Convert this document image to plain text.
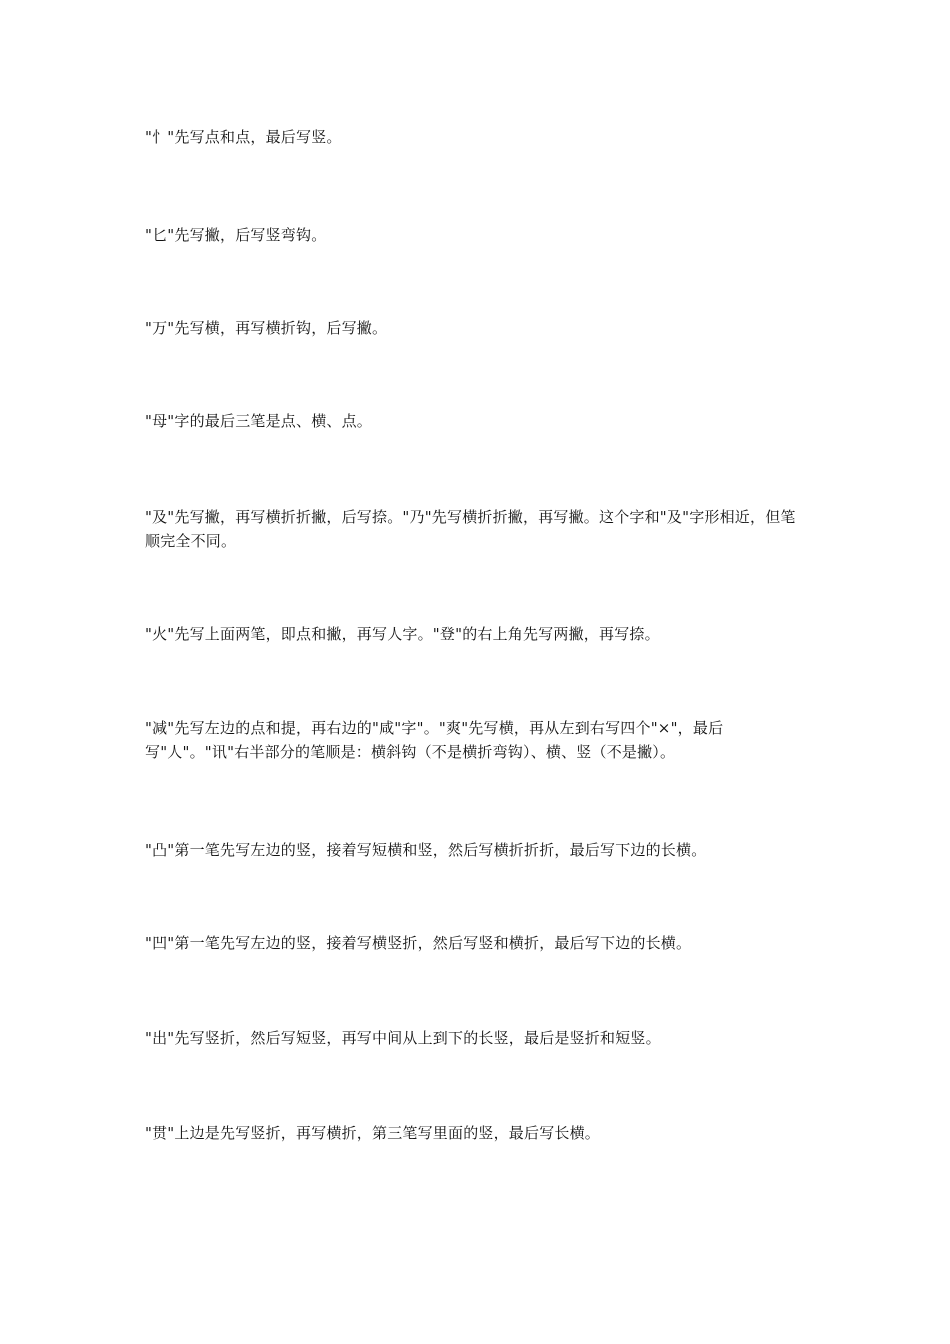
"忄"先写点和点，最后写竖。

"匕"先写撇，后写竖弯钩。

"万"先写横，再写横折钩，后写撇。

"母"字的最后三笔是点、横、点。

"及"先写撇，再写横折折撇，后写捺。"乃"先写横折折撇，再写撇。这个字和"及"字形相近，但笔顺完全不同。

"火"先写上面两笔，即点和撇，再写人字。"登"的右上角先写两撇，再写捺。

"减"先写左边的点和提，再右边的"咸"字"。"爽"先写横，再从左到右写四个"×"，最后写"人"。"讯"右半部分的笔顺是：横斜钩（不是横折弯钩）、横、竖（不是撇）。

"凸"第一笔先写左边的竖，接着写短横和竖，然后写横折折折，最后写下边的长横。

"凹"第一笔先写左边的竖，接着写横竖折，然后写竖和横折，最后写下边的长横。

"出"先写竖折，然后写短竖，再写中间从上到下的长竖，最后是竖折和短竖。

"贯"上边是先写竖折，再写横折，第三笔写里面的竖，最后写长横。
